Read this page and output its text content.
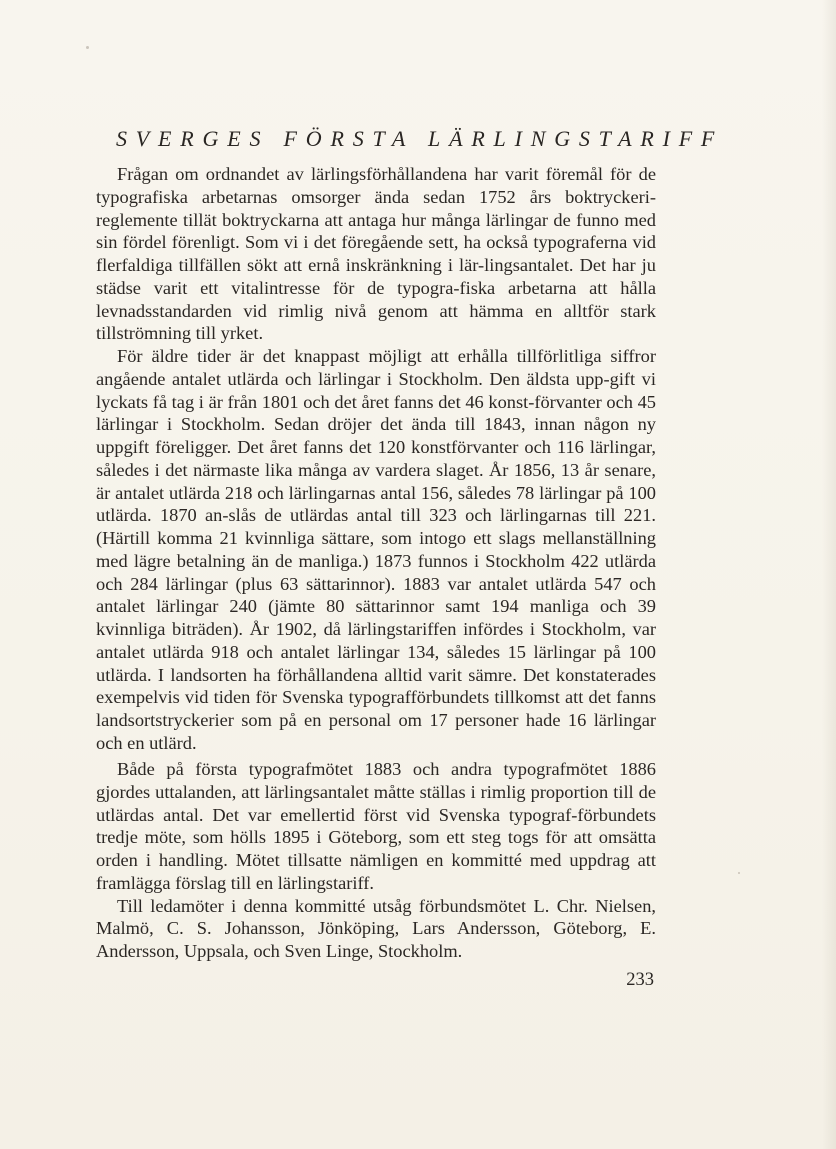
SVERGES FÖRSTA LÄRLINGSTARIFF

Frågan om ordnandet av lärlingsförhållandena har varit föremål för de typografiska arbetarnas omsorger ända sedan 1752 års boktryckeri-reglemente tillät boktryckarna att antaga hur många lärlingar de funno med sin fördel förenligt. Som vi i det föregående sett, ha också typograferna vid flerfaldiga tillfällen sökt att ernå inskränkning i lär-lingsantalet. Det har ju städse varit ett vitalintresse för de typogra-fiska arbetarna att hålla levnadsstandarden vid rimlig nivå genom att hämma en alltför stark tillströmning till yrket.

För äldre tider är det knappast möjligt att erhålla tillförlitliga siffror angående antalet utlärda och lärlingar i Stockholm. Den äldsta upp-gift vi lyckats få tag i är från 1801 och det året fanns det 46 konst-förvanter och 45 lärlingar i Stockholm. Sedan dröjer det ända till 1843, innan någon ny uppgift föreligger. Det året fanns det 120 konstförvanter och 116 lärlingar, således i det närmaste lika många av vardera slaget. År 1856, 13 år senare, är antalet utlärda 218 och lärlingarnas antal 156, således 78 lärlingar på 100 utlärda. 1870 an-slås de utlärdas antal till 323 och lärlingarnas till 221. (Härtill komma 21 kvinnliga sättare, som intogo ett slags mellanställning med lägre betalning än de manliga.) 1873 funnos i Stockholm 422 utlärda och 284 lärlingar (plus 63 sättarinnor). 1883 var antalet utlärda 547 och antalet lärlingar 240 (jämte 80 sättarinnor samt 194 manliga och 39 kvinnliga biträden). År 1902, då lärlingstariffen infördes i Stockholm, var antalet utlärda 918 och antalet lärlingar 134, således 15 lärlingar på 100 utlärda. I landsorten ha förhållandena alltid varit sämre. Det konstaterades exempelvis vid tiden för Svenska typografförbundets tillkomst att det fanns landsortstryckerier som på en personal om 17 personer hade 16 lärlingar och en utlärd.

Både på första typografmötet 1883 och andra typografmötet 1886 gjordes uttalanden, att lärlingsantalet måtte ställas i rimlig proportion till de utlärdas antal. Det var emellertid först vid Svenska typograf-förbundets tredje möte, som hölls 1895 i Göteborg, som ett steg togs för att omsätta orden i handling. Mötet tillsatte nämligen en kommitté med uppdrag att framlägga förslag till en lärlingstariff.

Till ledamöter i denna kommitté utsåg förbundsmötet L. Chr. Nielsen, Malmö, C. S. Johansson, Jönköping, Lars Andersson, Göteborg, E. Andersson, Uppsala, och Sven Linge, Stockholm.

233
